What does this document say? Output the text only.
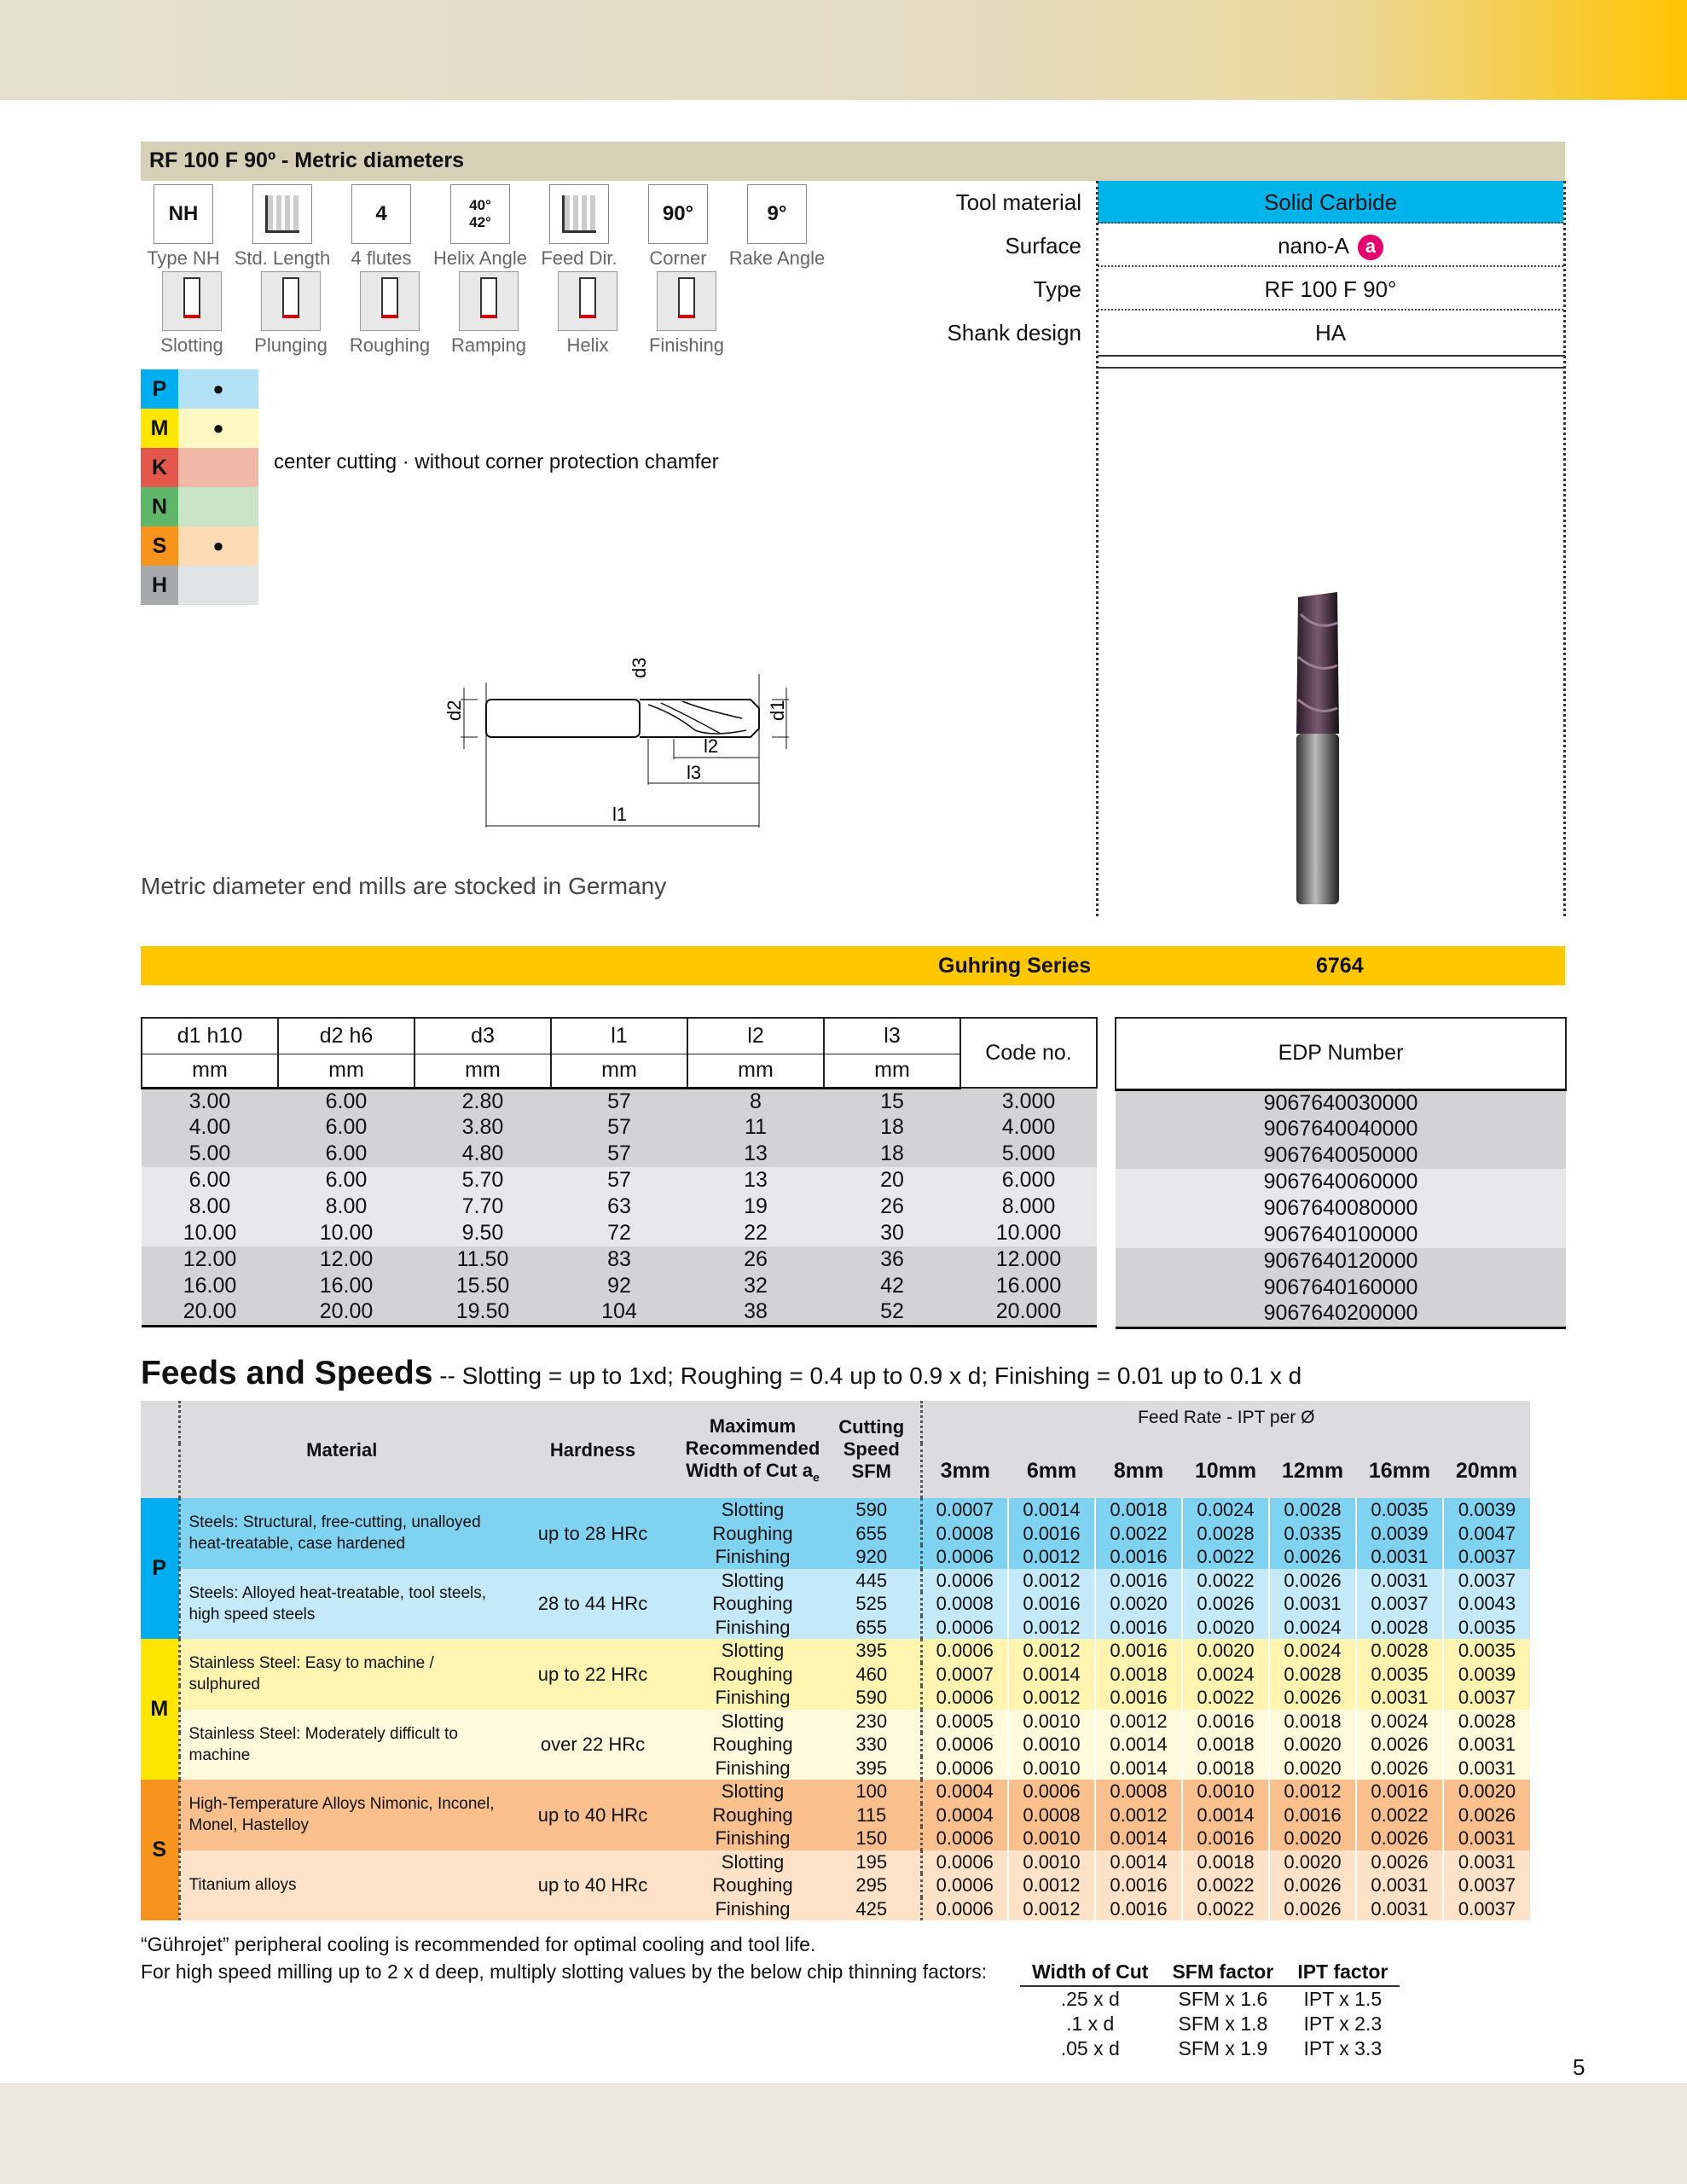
RF 100 F 90º - Metric diameters
NH
Type NH Std. Length
4
4 flutes
40°
42°
Helix Angle Feed Dir.
90°
Corner
9°
Rake Angle
Slotting	Plunging	Roughing	Ramping	Helix	Finishing
P	●
M	●
K
N
S	●
H
center cutting · without corner protection chamfer
d2
d3
d1
l2
l3
l1
Metric diameter end mills are stocked in Germany
Tool material	Solid Carbide
Surface	nano-A a
Type	RF 100 F 90°
Shank design	HA
Guhring Series	6764
d1 h10	d2 h6	d3	l1	l2	l3	Code no.
mm	mm	mm	mm	mm	mm	
3.00	6.00	2.80	57	8	15	3.000
4.00	6.00	3.80	57	11	18	4.000
5.00	6.00	4.80	57	13	18	5.000
6.00	6.00	5.70	57	13	20	6.000
8.00	8.00	7.70	63	19	26	8.000
10.00	10.00	9.50	72	22	30	10.000
12.00	12.00	11.50	83	26	36	12.000
16.00	16.00	15.50	92	32	42	16.000
20.00	20.00	19.50	104	38	52	20.000
EDP Number
9067640030000
9067640040000
9067640050000
9067640060000
9067640080000
9067640100000
9067640120000
9067640160000
9067640200000
Feeds and Speeds -- Slotting = up to 1xd; Roughing = 0.4 up to 0.9 x d; Finishing = 0.01 up to 0.1 x d
	Material	Hardness	Maximum Recommended Width of Cut $a_e$	Cutting Speed SFM	Feed Rate - IPT per Ø						
					3mm	6mm	8mm	10mm	12mm	16mm	20mm
P	Steels: Structural, free-cutting, unalloyed heat-treatable, case hardened	up to 28 HRc	Slotting	590	0.0007	0.0014	0.0018	0.0024	0.0028	0.0035	0.0039
			Roughing	655	0.0008	0.0016	0.0022	0.0028	0.0335	0.0039	0.0047
			Finishing	920	0.0006	0.0012	0.0016	0.0022	0.0026	0.0031	0.0037
	Steels: Alloyed heat-treatable, tool steels, high speed steels	28 to 44 HRc	Slotting	445	0.0006	0.0012	0.0016	0.0022	0.0026	0.0031	0.0037
			Roughing	525	0.0008	0.0016	0.0020	0.0026	0.0031	0.0037	0.0043
			Finishing	655	0.0006	0.0012	0.0016	0.0020	0.0024	0.0028	0.0035
M	Stainless Steel: Easy to machine / sulphured	up to 22 HRc	Slotting	395	0.0006	0.0012	0.0016	0.0020	0.0024	0.0028	0.0035
			Roughing	460	0.0007	0.0014	0.0018	0.0024	0.0028	0.0035	0.0039
			Finishing	590	0.0006	0.0012	0.0016	0.0022	0.0026	0.0031	0.0037
	Stainless Steel: Moderately difficult to machine	over 22 HRc	Slotting	230	0.0005	0.0010	0.0012	0.0016	0.0018	0.0024	0.0028
			Roughing	330	0.0006	0.0010	0.0014	0.0018	0.0020	0.0026	0.0031
			Finishing	395	0.0006	0.0010	0.0014	0.0018	0.0020	0.0026	0.0031
S	High-Temperature Alloys Nimonic, Inconel, Monel, Hastelloy	up to 40 HRc	Slotting	100	0.0004	0.0006	0.0008	0.0010	0.0012	0.0016	0.0020
			Roughing	115	0.0004	0.0008	0.0012	0.0014	0.0016	0.0022	0.0026
			Finishing	150	0.0006	0.0010	0.0014	0.0016	0.0020	0.0026	0.0031
	Titanium alloys	up to 40 HRc	Slotting	195	0.0006	0.0010	0.0014	0.0018	0.0020	0.0026	0.0031
			Roughing	295	0.0006	0.0012	0.0016	0.0022	0.0026	0.0031	0.0037
			Finishing	425	0.0006	0.0012	0.0016	0.0022	0.0026	0.0031	0.0037
“Gührojet” peripheral cooling is recommended for optimal cooling and tool life.
For high speed milling up to 2 x d deep, multiply slotting values by the below chip thinning factors: Width of Cut	SFM factor	IPT factor
.25 x d	SFM x 1.6	IPT x 1.5
.1 x d	SFM x 1.8	IPT x 2.3
.05 x d	SFM x 1.9	IPT x 3.3
5
